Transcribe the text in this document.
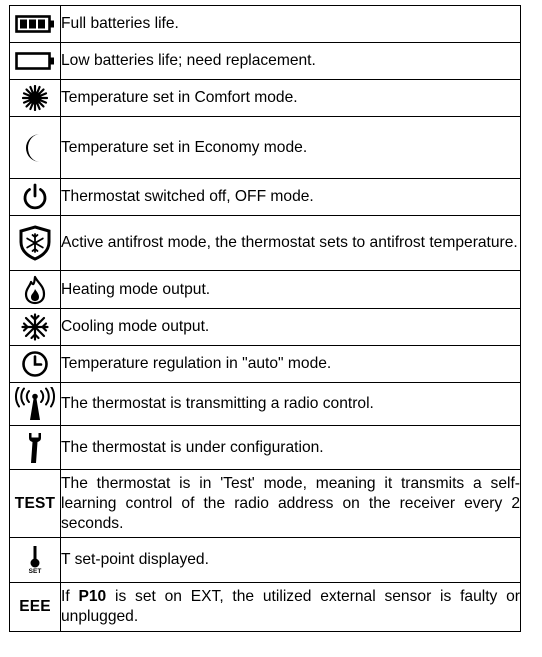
	Full batteries life.

	Low batteries life; need replacement.

	Temperature set in Comfort mode.

	Temperature set in Economy mode.

	Thermostat switched off, OFF mode.

	Active antifrost mode, the thermostat sets to antifrost temperature.

	Heating mode output.

	Cooling mode output.

	Temperature regulation in "auto" mode.

	The thermostat is transmitting a radio control.

	The thermostat is under configuration.
TEST	The thermostat is in 'Test' mode, meaning it transmits a self-learning control of the radio address on the receiver every 2 seconds.

SET	T set-point displayed.
EEE	If P10 is set on EXT, the utilized external sensor is faulty or unplugged.
